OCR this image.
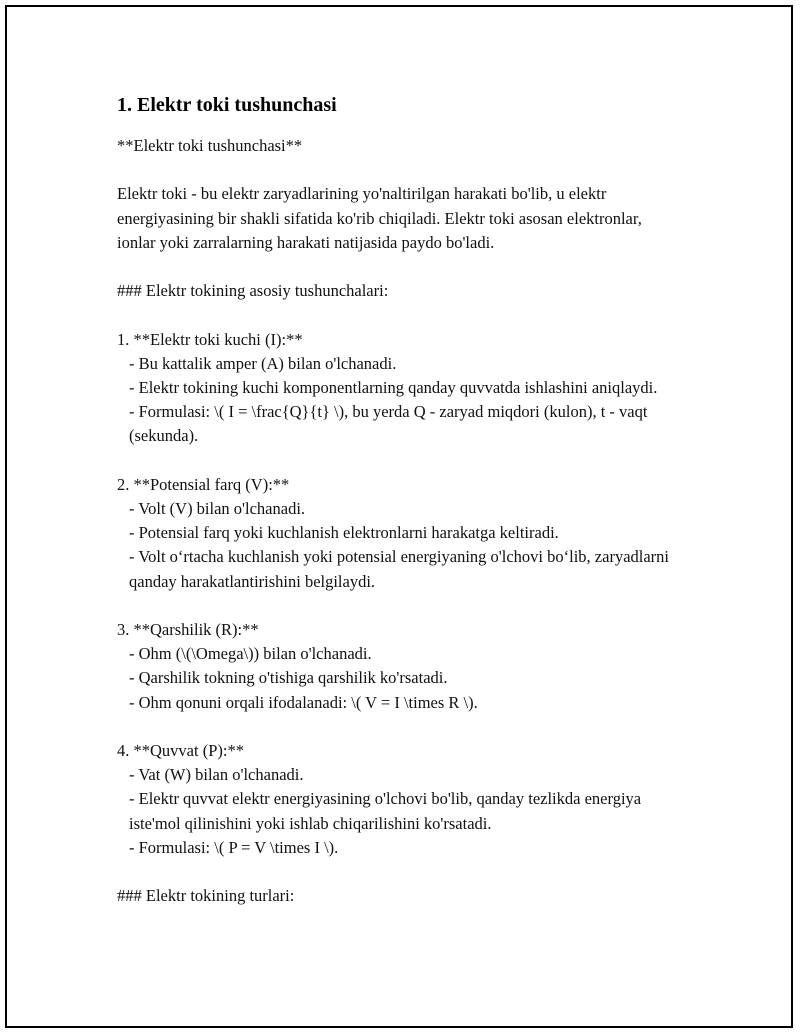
1. Elektr toki tushunchasi

**Elektr toki tushunchasi**

Elektr toki - bu elektr zaryadlarining yo'naltirilgan harakati bo'lib, u elektr energiyasining bir shakli sifatida ko'rib chiqiladi. Elektr toki asosan elektronlar, ionlar yoki zarralarning harakati natijasida paydo bo'ladi.

### Elektr tokining asosiy tushunchalari:

1. **Elektr toki kuchi (I):**

- Bu kattalik amper (A) bilan o'lchanadi.

- Elektr tokining kuchi komponentlarning qanday quvvatda ishlashini aniqlaydi.

- Formulasi: \( I = \frac{Q}{t} \), bu yerda Q - zaryad miqdori (kulon), t - vaqt (sekunda).

2. **Potensial farq (V):**

- Volt (V) bilan o'lchanadi.

- Potensial farq yoki kuchlanish elektronlarni harakatga keltiradi.

- Volt o‘rtacha kuchlanish yoki potensial energiyaning o'lchovi bo‘lib, zaryadlarni qanday harakatlantirishini belgilaydi.

3. **Qarshilik (R):**

- Ohm (\(\Omega\)) bilan o'lchanadi.

- Qarshilik tokning o'tishiga qarshilik ko'rsatadi.

- Ohm qonuni orqali ifodalanadi: \( V = I \times R \).

4. **Quvvat (P):**

- Vat (W) bilan o'lchanadi.

- Elektr quvvat elektr energiyasining o'lchovi bo'lib, qanday tezlikda energiya iste'mol qilinishini yoki ishlab chiqarilishini ko'rsatadi.

- Formulasi: \( P = V \times I \).

### Elektr tokining turlari:
